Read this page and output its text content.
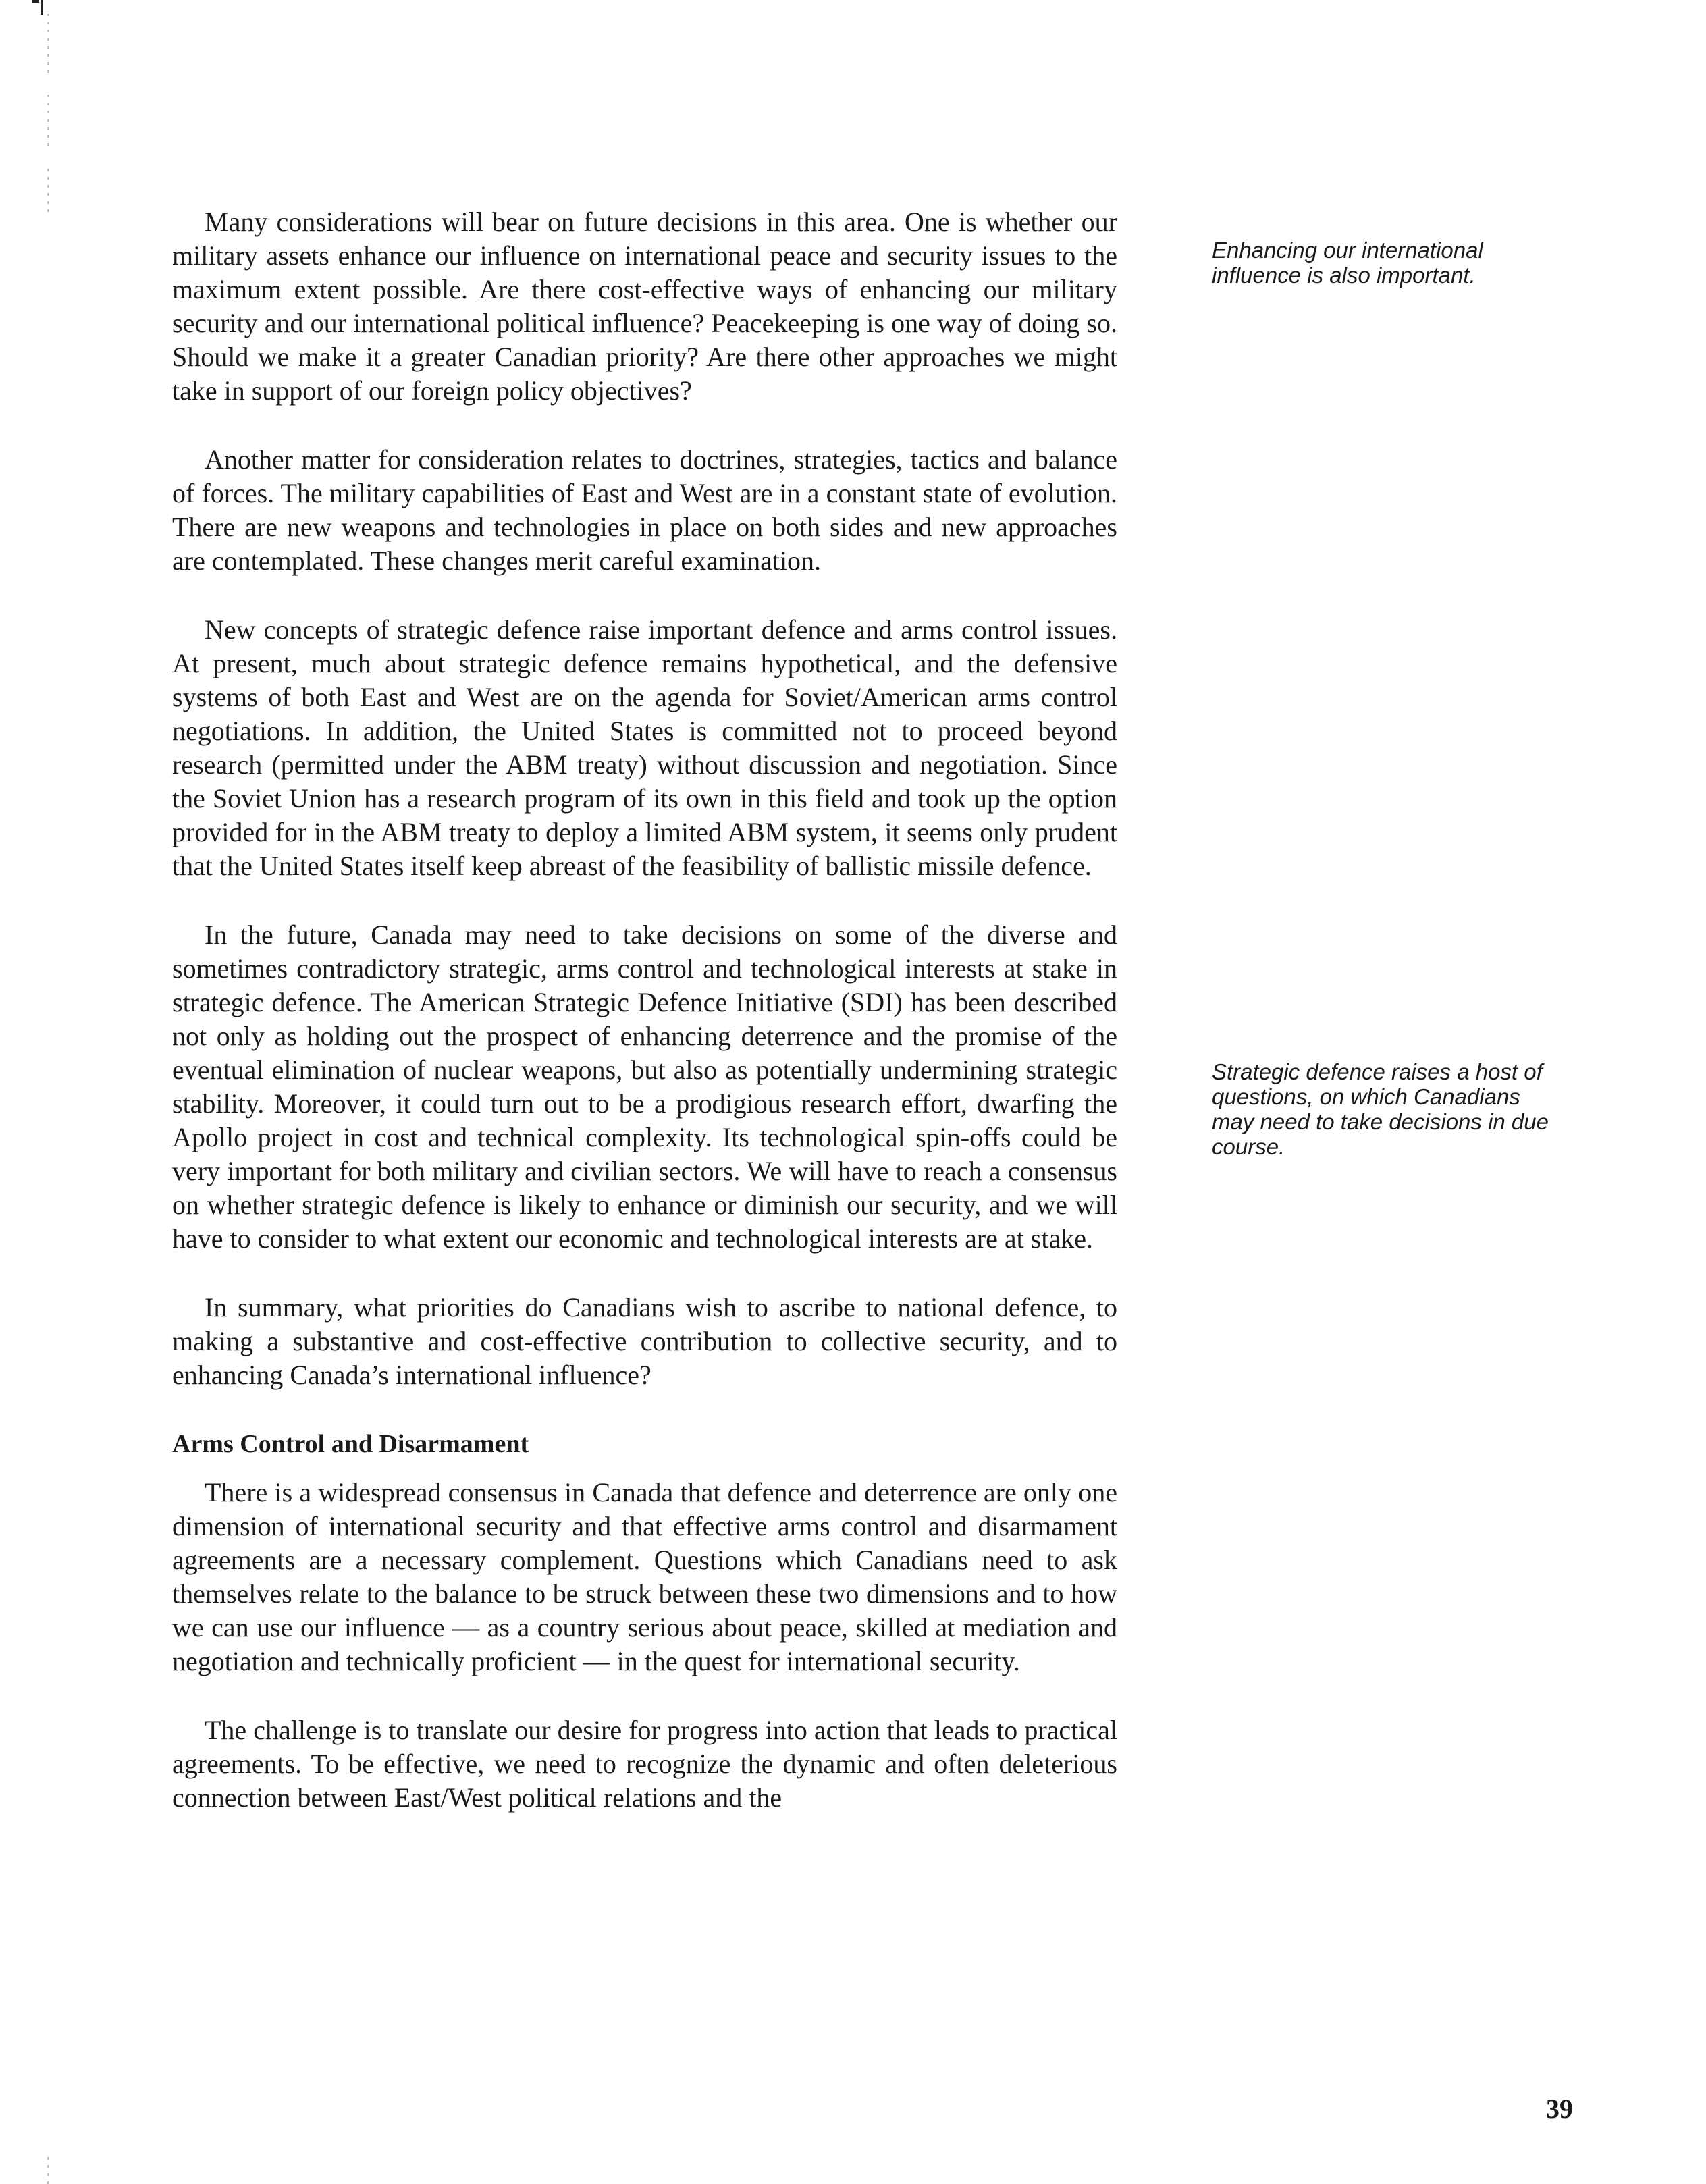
Many considerations will bear on future decisions in this area. One is whether our military assets enhance our influence on international peace and security issues to the maximum extent possible. Are there cost-effective ways of enhancing our military security and our international political influence? Peacekeeping is one way of doing so. Should we make it a greater Canadian priority? Are there other approaches we might take in support of our foreign policy objectives?

Another matter for consideration relates to doctrines, strategies, tactics and balance of forces. The military capabilities of East and West are in a constant state of evolution. There are new weapons and technologies in place on both sides and new approaches are contemplated. These changes merit careful examination.

New concepts of strategic defence raise important defence and arms control issues. At present, much about strategic defence remains hypothetical, and the defensive systems of both East and West are on the agenda for Soviet/American arms control negotiations. In addition, the United States is committed not to proceed beyond research (permitted under the ABM treaty) without discussion and negotiation. Since the Soviet Union has a research program of its own in this field and took up the option provided for in the ABM treaty to deploy a limited ABM system, it seems only prudent that the United States itself keep abreast of the feasibility of ballistic missile defence.

In the future, Canada may need to take decisions on some of the diverse and sometimes contradictory strategic, arms control and technological interests at stake in strategic defence. The American Strategic Defence Initiative (SDI) has been described not only as holding out the prospect of enhancing deterrence and the promise of the eventual elimination of nuclear weapons, but also as potentially undermining strategic stability. Moreover, it could turn out to be a prodigious research effort, dwarfing the Apollo project in cost and technical complexity. Its technological spin-offs could be very important for both military and civilian sectors. We will have to reach a consensus on whether strategic defence is likely to enhance or diminish our security, and we will have to consider to what extent our economic and technological interests are at stake.

In summary, what priorities do Canadians wish to ascribe to national defence, to making a substantive and cost-effective contribution to collective security, and to enhancing Canada’s international influence?

Arms Control and Disarmament

There is a widespread consensus in Canada that defence and deterrence are only one dimension of international security and that effective arms control and disarmament agreements are a necessary complement. Questions which Canadians need to ask themselves relate to the balance to be struck between these two dimensions and to how we can use our influence — as a country serious about peace, skilled at mediation and negotiation and technically proficient — in the quest for international security.

The challenge is to translate our desire for progress into action that leads to practical agreements. To be effective, we need to recognize the dynamic and often deleterious connection between East/West political relations and the

Enhancing our international influence is also important.
Strategic defence raises a host of questions, on which Canadians may need to take decisions in due course.
39
